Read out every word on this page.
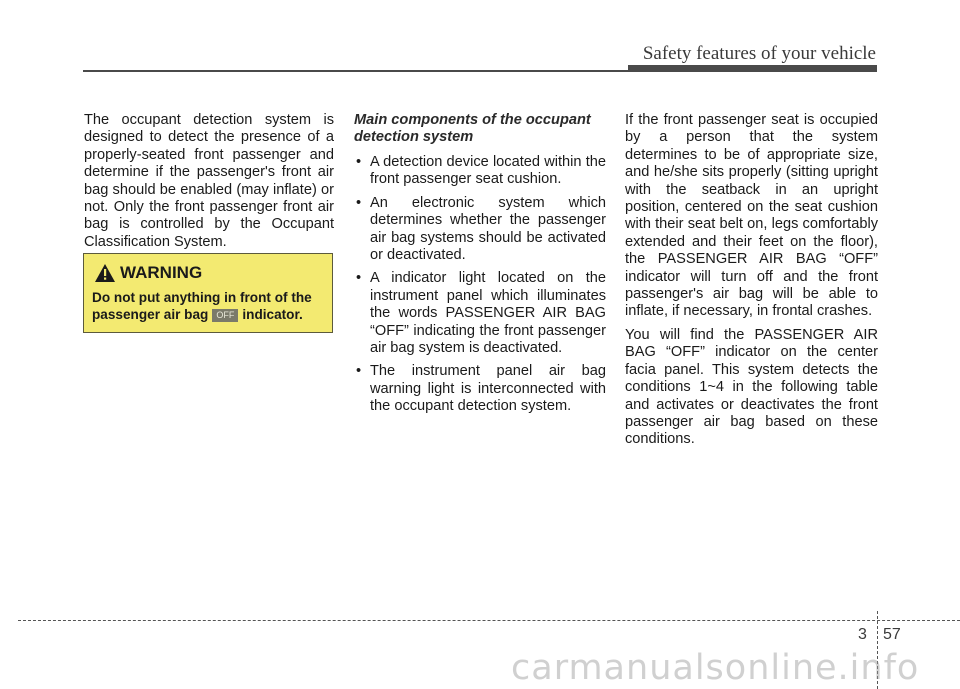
Safety features of your vehicle

The occupant detection system is designed to detect the presence of a properly-seated front passenger and determine if the passenger's front air bag should be enabled (may inflate) or not. Only the front passenger front air bag is controlled by the Occupant Classification System.

WARNING
Do not put anything in front of the passenger air bag OFF indicator.

Main components of the occupant detection system

• A detection device located within the front passenger seat cushion.
• An electronic system which determines whether the passenger air bag systems should be activated or deactivated.
• A indicator light located on the instrument panel which illuminates the words PASSENGER AIR BAG “OFF” indicating the front passenger air bag system is deactivated.
• The instrument panel air bag warning light is interconnected with the occupant detection system.

If the front passenger seat is occupied by a person that the system determines to be of appropriate size, and he/she sits properly (sitting upright with the seatback in an upright position, centered on the seat cushion with their seat belt on, legs comfortably extended and their feet on the floor), the PASSENGER AIR BAG “OFF” indicator will turn off and the front passenger's air bag will be able to inflate, if necessary, in frontal crashes.

You will find the PASSENGER AIR BAG “OFF” indicator on the center facia panel. This system detects the conditions 1~4 in the following table and activates or deactivates the front passenger air bag based on these conditions.

3 57
carmanualsonline.info
